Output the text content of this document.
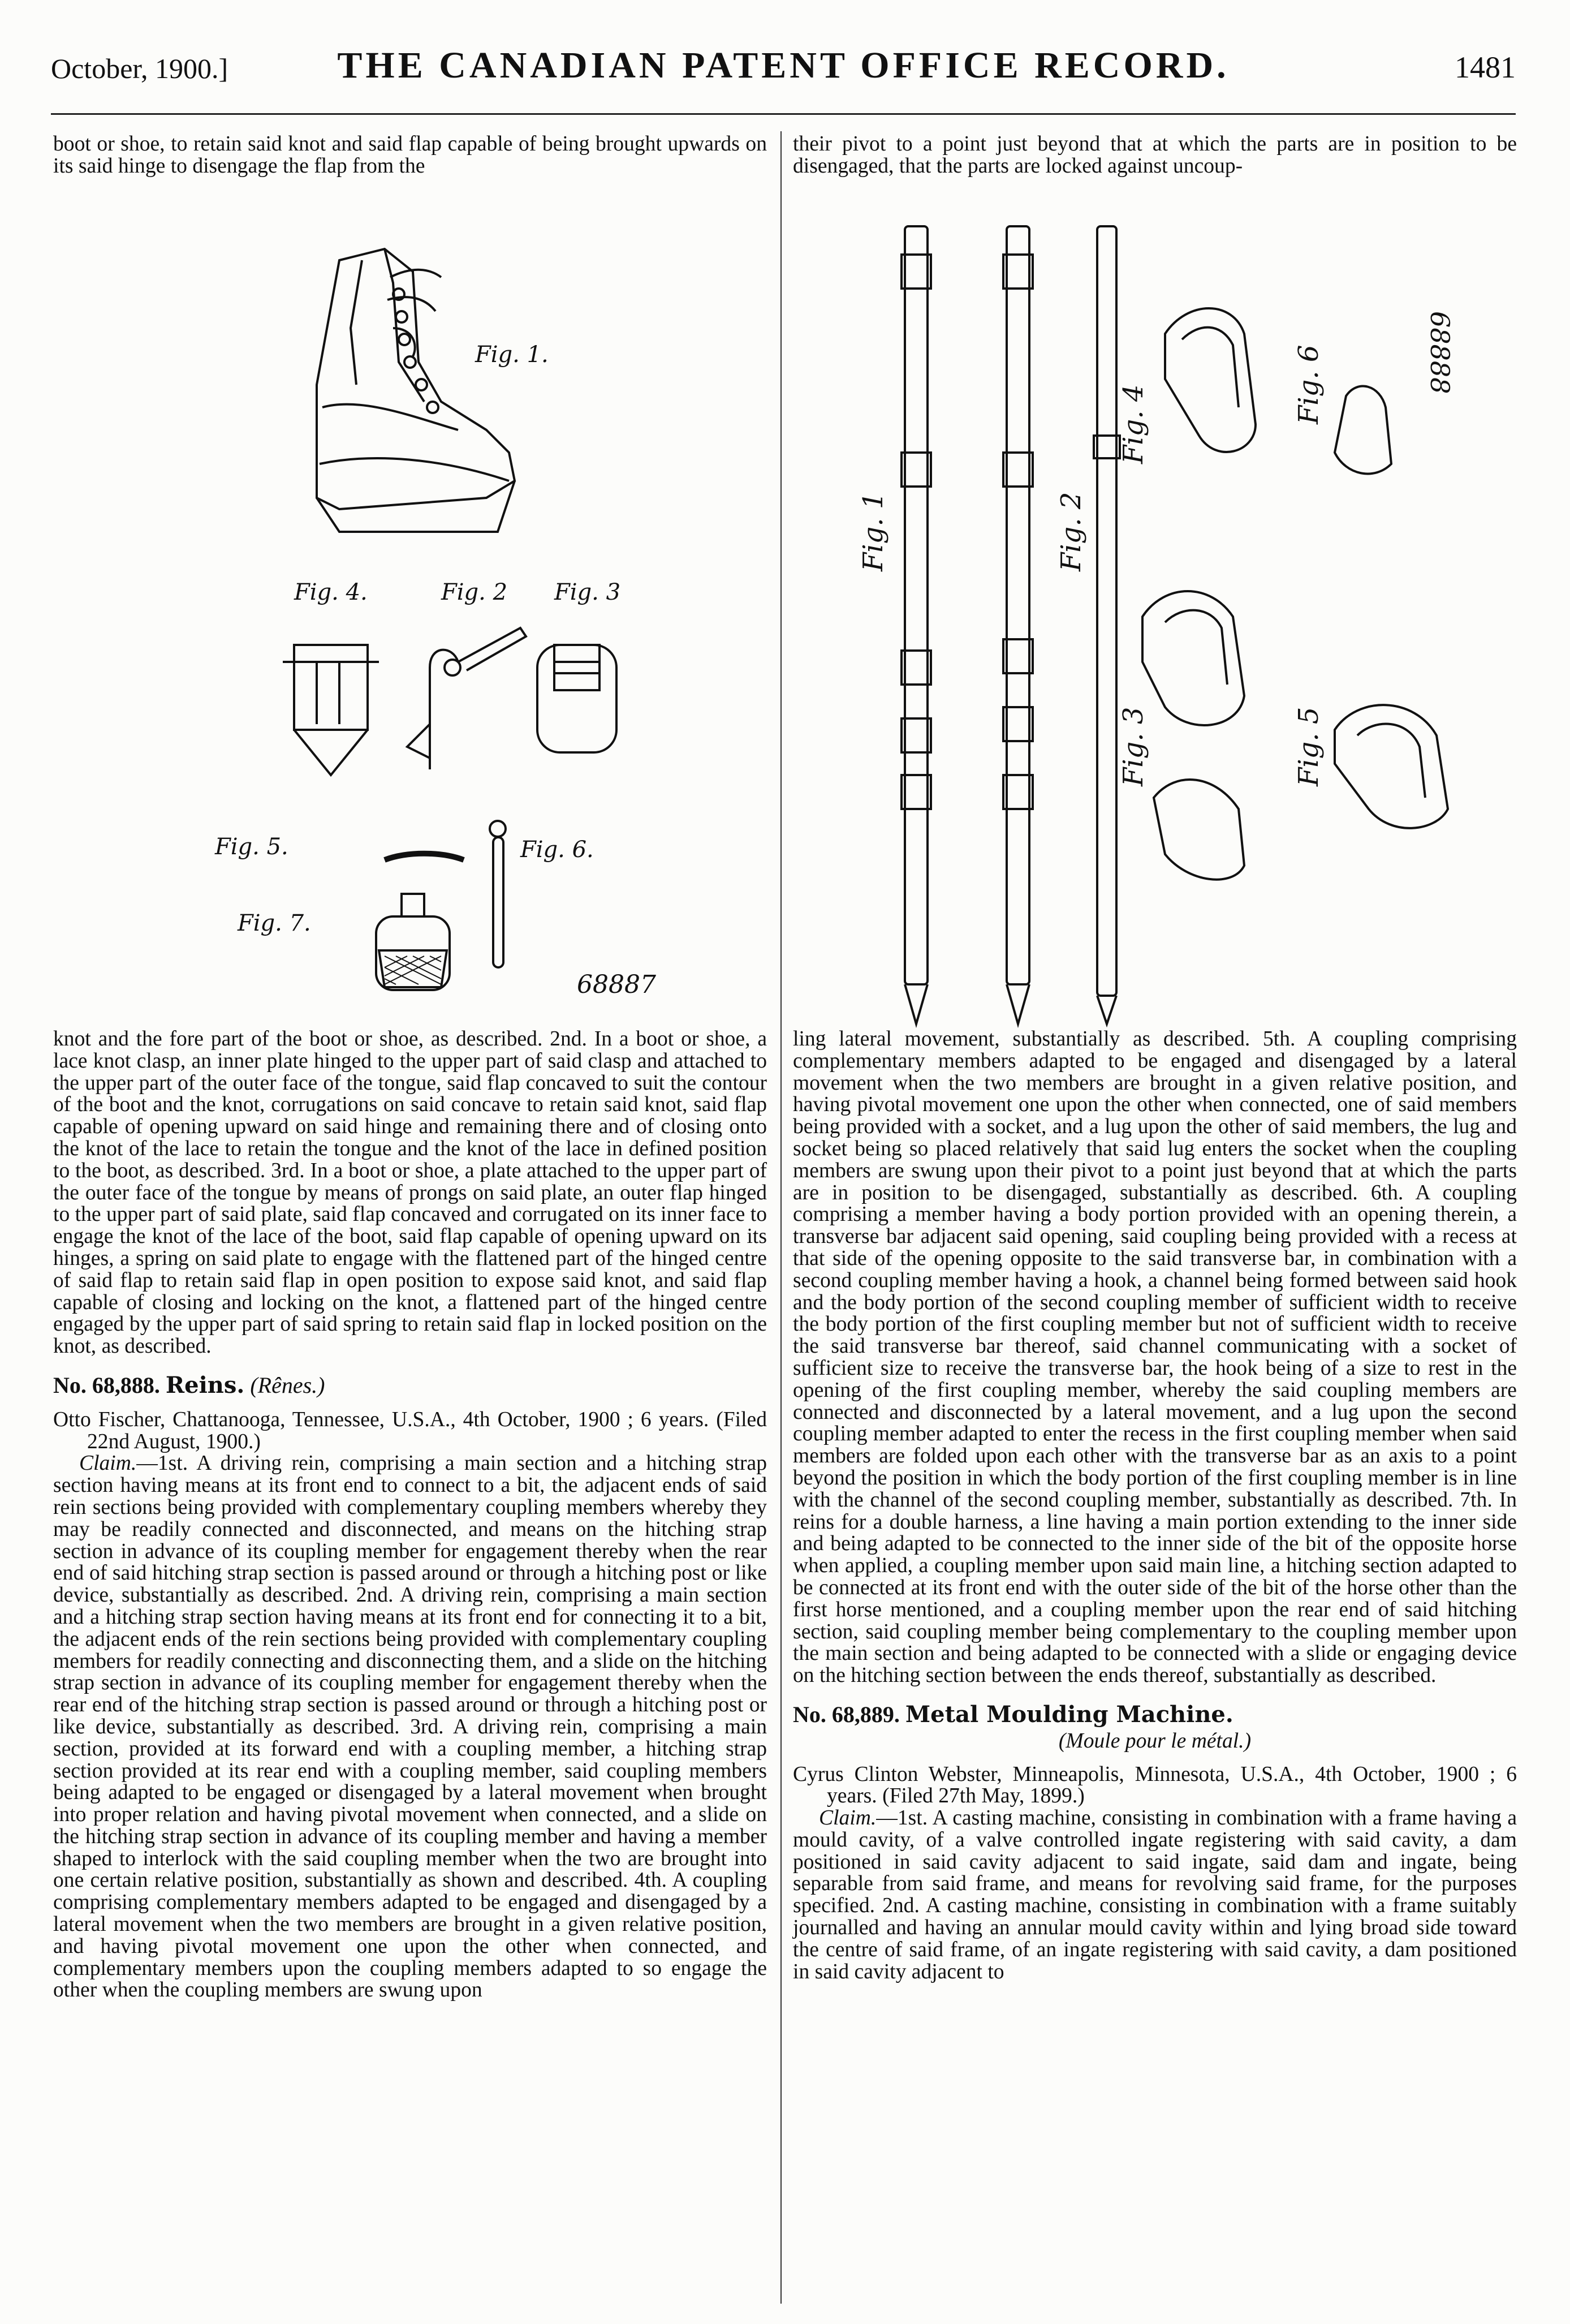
October, 1900.]	THE CANADIAN PATENT OFFICE RECORD.	1481

boot or shoe, to retain said knot and said flap capable of being brought upwards on its said hinge to disengage the flap from the

Fig. 1.
Fig. 4.	Fig. 2 Fig. 3
Fig. 5.	Fig. 6.
Fig. 7.
68887

knot and the fore part of the boot or shoe, as described. 2nd. In a boot or shoe, a lace knot clasp, an inner plate hinged to the upper part of said clasp and attached to the upper part of the outer face of the tongue, said flap concaved to suit the contour of the boot and the knot, corrugations on said concave to retain said knot, said flap capable of opening upward on said hinge and remaining there and of closing onto the knot of the lace to retain the tongue and the knot of the lace in defined position to the boot, as described. 3rd. In a boot or shoe, a plate attached to the upper part of the outer face of the tongue by means of prongs on said plate, an outer flap hinged to the upper part of said plate, said flap concaved and corrugated on its inner face to engage the knot of the lace of the boot, said flap capable of opening upward on its hinges, a spring on said plate to engage with the flattened part of the hinged centre of said flap to retain said flap in open position to expose said knot, and said flap capable of closing and locking on the knot, a flattened part of the hinged centre engaged by the upper part of said spring to retain said flap in locked position on the knot, as described.

No. 68,888. Reins. (Rênes.)

Otto Fischer, Chattanooga, Tennessee, U.S.A., 4th October, 1900 ; 6 years. (Filed 22nd August, 1900.)

Claim.—1st. A driving rein, comprising a main section and a hitching strap section having means at its front end to connect to a bit, the adjacent ends of said rein sections being provided with complementary coupling members whereby they may be readily connected and disconnected, and means on the hitching strap section in advance of its coupling member for engagement thereby when the rear end of said hitching strap section is passed around or through a hitching post or like device, substantially as described. 2nd. A driving rein, comprising a main section and a hitching strap section having means at its front end for connecting it to a bit, the adjacent ends of the rein sections being provided with complementary coupling members for readily connecting and disconnecting them, and a slide on the hitching strap section in advance of its coupling member for engagement thereby when the rear end of the hitching strap section is passed around or through a hitching post or like device, substantially as described. 3rd. A driving rein, comprising a main section, provided at its forward end with a coupling member, a hitching strap section provided at its rear end with a coupling member, said coupling members being adapted to be engaged or disengaged by a lateral movement when brought into proper relation and having pivotal movement when connected, and a slide on the hitching strap section in advance of its coupling member and having a member shaped to interlock with the said coupling member when the two are brought into one certain relative position, substantially as shown and described. 4th. A coupling comprising complementary members adapted to be engaged and disengaged by a lateral movement when the two members are brought in a given relative position, and having pivotal movement one upon the other when connected, and complementary members upon the coupling members adapted to so engage the other when the coupling members are swung upon

their pivot to a point just beyond that at which the parts are in position to be disengaged, that the parts are locked against uncoup-

Fig. 1	Fig. 2
Fig. 3
Fig. 4
Fig. 5
Fig. 6	68888

ling lateral movement, substantially as described. 5th. A coupling comprising complementary members adapted to be engaged and disengaged by a lateral movement when the two members are brought in a given relative position, and having pivotal movement one upon the other when connected, one of said members being provided with a socket, and a lug upon the other of said members, the lug and socket being so placed relatively that said lug enters the socket when the coupling members are swung upon their pivot to a point just beyond that at which the parts are in position to be disengaged, substantially as described. 6th. A coupling comprising a member having a body portion provided with an opening therein, a transverse bar adjacent said opening, said coupling being provided with a recess at that side of the opening opposite to the said transverse bar, in combination with a second coupling member having a hook, a channel being formed between said hook and the body portion of the second coupling member of sufficient width to receive the body portion of the first coupling member but not of sufficient width to receive the said transverse bar thereof, said channel communicating with a socket of sufficient size to receive the transverse bar, the hook being of a size to rest in the opening of the first coupling member, whereby the said coupling members are connected and disconnected by a lateral movement, and a lug upon the second coupling member adapted to enter the recess in the first coupling member when said members are folded upon each other with the transverse bar as an axis to a point beyond the position in which the body portion of the first coupling member is in line with the channel of the second coupling member, substantially as described. 7th. In reins for a double harness, a line having a main portion extending to the inner side and being adapted to be connected to the inner side of the bit of the opposite horse when applied, a coupling member upon said main line, a hitching section adapted to be connected at its front end with the outer side of the bit of the horse other than the first horse mentioned, and a coupling member upon the rear end of said hitching section, said coupling member being complementary to the coupling member upon the main section and being adapted to be connected with a slide or engaging device on the hitching section between the ends thereof, substantially as described.

No. 68,889. Metal Moulding Machine.

(Moule pour le métal.)

Cyrus Clinton Webster, Minneapolis, Minnesota, U.S.A., 4th October, 1900 ; 6 years. (Filed 27th May, 1899.)

Claim.—1st. A casting machine, consisting in combination with a frame having a mould cavity, of a valve controlled ingate registering with said cavity, a dam positioned in said cavity adjacent to said ingate, said dam and ingate, being separable from said frame, and means for revolving said frame, for the purposes specified. 2nd. A casting machine, consisting in combination with a frame suitably journalled and having an annular mould cavity within and lying broad side toward the centre of said frame, of an ingate registering with said cavity, a dam positioned in said cavity adjacent to
